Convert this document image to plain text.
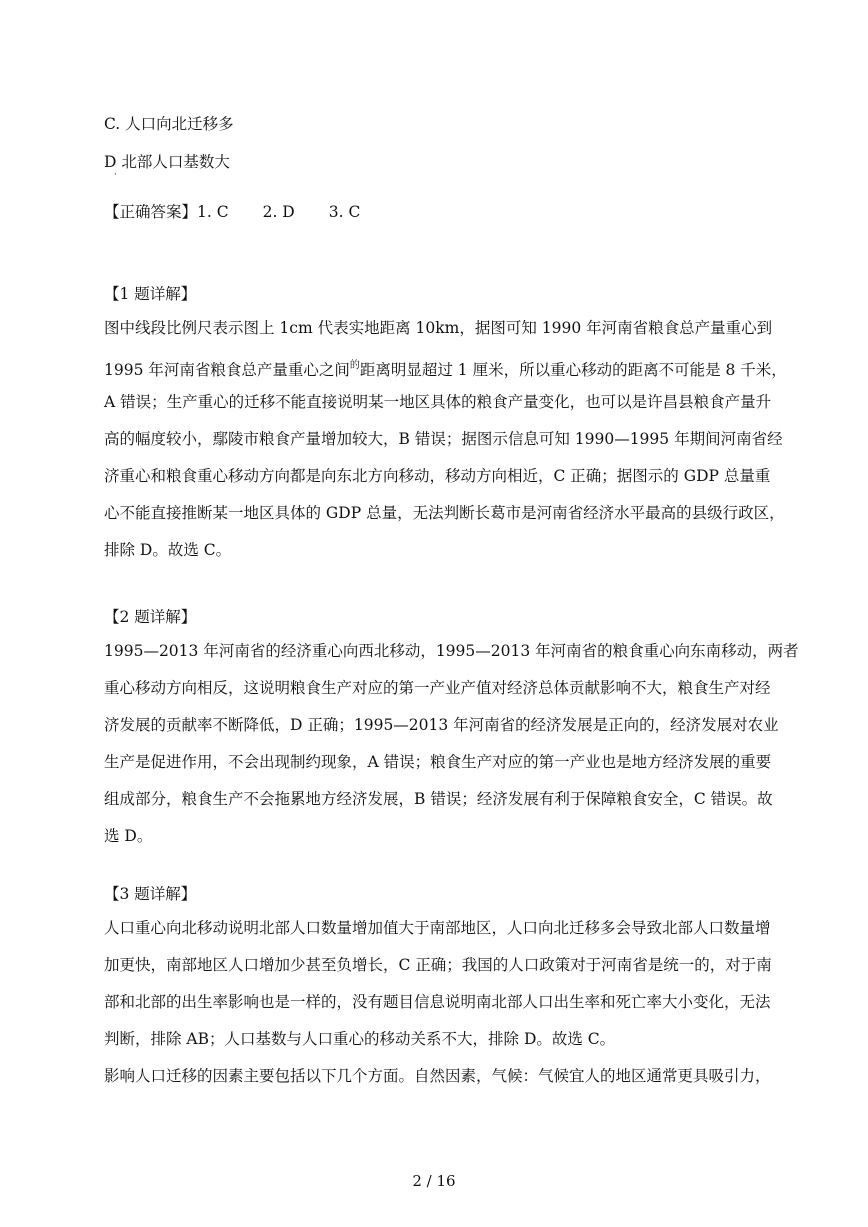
C. 人口向北迁移多
D 北部人口基数大
·
【正确答案】1. C 2. D 3. C
【1 题详解】
图中线段比例尺表示图上 1cm 代表实地距离 10km，据图可知 1990 年河南省粮食总产量重心到
1995 年河南省粮食总产量重心之间$^的$距离明显超过 1 厘米，所以重心移动的距离不可能是 8 千米，
A 错误；生产重心的迁移不能直接说明某一地区具体的粮食产量变化，也可以是许昌县粮食产量升
高的幅度较小，鄢陵市粮食产量增加较大，B 错误；据图示信息可知 1990—1995 年期间河南省经
济重心和粮食重心移动方向都是向东北方向移动，移动方向相近，C 正确；据图示的 GDP 总量重
心不能直接推断某一地区具体的 GDP 总量，无法判断长葛市是河南省经济水平最高的县级行政区，
排除 D。故选 C。
【2 题详解】
1995—2013 年河南省的经济重心向西北移动，1995—2013 年河南省的粮食重心向东南移动，两者
重心移动方向相反，这说明粮食生产对应的第一产业产值对经济总体贡献影响不大，粮食生产对经
济发展的贡献率不断降低，D 正确；1995—2013 年河南省的经济发展是正向的，经济发展对农业
生产是促进作用，不会出现制约现象，A 错误；粮食生产对应的第一产业也是地方经济发展的重要
组成部分，粮食生产不会拖累地方经济发展，B 错误；经济发展有利于保障粮食安全，C 错误。故
选 D。
【3 题详解】
人口重心向北移动说明北部人口数量增加值大于南部地区，人口向北迁移多会导致北部人口数量增
加更快，南部地区人口增加少甚至负增长，C 正确；我国的人口政策对于河南省是统一的，对于南
部和北部的出生率影响也是一样的，没有题目信息说明南北部人口出生率和死亡率大小变化，无法
判断，排除 AB；人口基数与人口重心的移动关系不大，排除 D。故选 C。
影响人口迁移的因素主要包括以下几个方面。自然因素，气候：气候宜人的地区通常更具吸引力，
2 / 16
